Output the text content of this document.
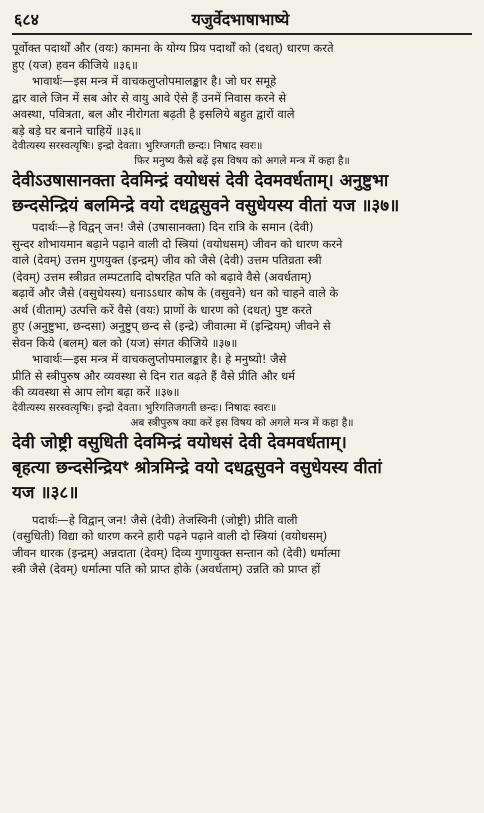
६८४	यजुर्वेदभाषाभाष्ये
पूर्वोक्त पदार्थों और (वयः) कामना के योग्य प्रिय पदार्थों को (दधत्) धारण करते
हुए (यज) हवन कीजिये ॥३६॥
भावार्थः—इस मन्त्र में वाचकलुप्तोपमालङ्कार है। जो घर समूहे
द्वार वाले जिन में सब ओर से वायु आवे ऐसे हैं उनमें निवास करने से
अवस्था, पवित्रता, बल और नीरोगता बढ़ती है इसलिये बहुत द्वारों वाले
बड़े बड़े घर बनाने चाहियें ॥३६॥
देवीत्यस्य सरस्वत्यृषिः। इन्द्रो देवता। भुरिग्जगती छन्दः। निषाद स्वरः॥
फिर मनुष्य कैसे बढ़ें इस विषय को अगले मन्त्र में कहा है॥
देवीऽउषासानक्ता देवमिन्द्रं वयोधसं देवी देवमवर्धताम्। अनुष्टुभा
छन्दसेन्द्रियं बलमिन्द्रे वयो दधद्वसुवने वसुधेयस्य वीतां यज ॥३७॥
पदार्थः—हे विद्वन् जन! जैसे (उषासानक्ता) दिन रात्रि के समान (देवी)
सुन्दर शोभायमान बढ़ाने पढ़ाने वाली दो स्त्रियां (वयोधसम्) जीवन को धारण करने
वाले (देवम्) उत्तम गुणयुक्त (इन्द्रम्) जीव को जैसे (देवी) उत्तम पतिव्रता स्त्री
(देवम्) उत्तम स्त्रीव्रत लम्पटतादि दोषरहित पति को बढ़ावे वैसे (अवर्धताम्)
बढ़ावें और जैसे (वसुधेयस्य) धनाऽऽधार कोष के (वसुवने) धन को चाहने वाले के
अर्थ (वीताम्) उत्पत्ति करें वैसे (वयः) प्राणों के धारण को (दधत्) पुष्ट करते
हुए (अनुष्टुभा, छन्दसा) अनुष्टुप् छन्द से (इन्द्रे) जीवात्मा में (इन्द्रियम्) जीवने से
सेवन किये (बलम्) बल को (यज) संगत कीजिये ॥३७॥
भावार्थः—इस मन्त्र में वाचकलुप्तोपमालङ्कार है। हे मनुष्यो! जैसे
प्रीति से स्त्रीपुरुष और व्यवस्था से दिन रात बढ़ते हैं वैसे प्रीति और धर्म
की व्यवस्था से आप लोग बढ़ा करें ॥३७॥
देवीत्यस्य सरस्वत्यृषिः। इन्द्रो देवता। भुरिगतिजगती छन्दः। निषादः स्वरः॥
अब स्त्रीपुरुष क्या करें इस विषय को अगले मन्त्र में कहा है॥
देवी जोष्ट्री वसुधिती देवमिन्द्रं वयोधसं देवी देवमवर्धताम्।
बृहत्या छन्दसेन्द्रियꣳ श्रोत्रमिन्द्रे वयो दधद्वसुवने वसुधेयस्य वीतां
यज ॥३८॥
पदार्थः—हे विद्वान् जन! जैसे (देवी) तेजस्विनी (जोष्ट्री) प्रीति वाली
(वसुधिती) विद्या को धारण करने हारी पढ़ने पढ़ाने वाली दो स्त्रियां (वयोधसम्)
जीवन धारक (इन्द्रम्) अन्नदाता (देवम्) दिव्य गुणायुक्त सन्तान को (देवी) धर्मात्मा
स्त्री जैसे (देवम्) धर्मात्मा पति को प्राप्त होके (अवर्धताम्) उन्नति को प्राप्त हों
